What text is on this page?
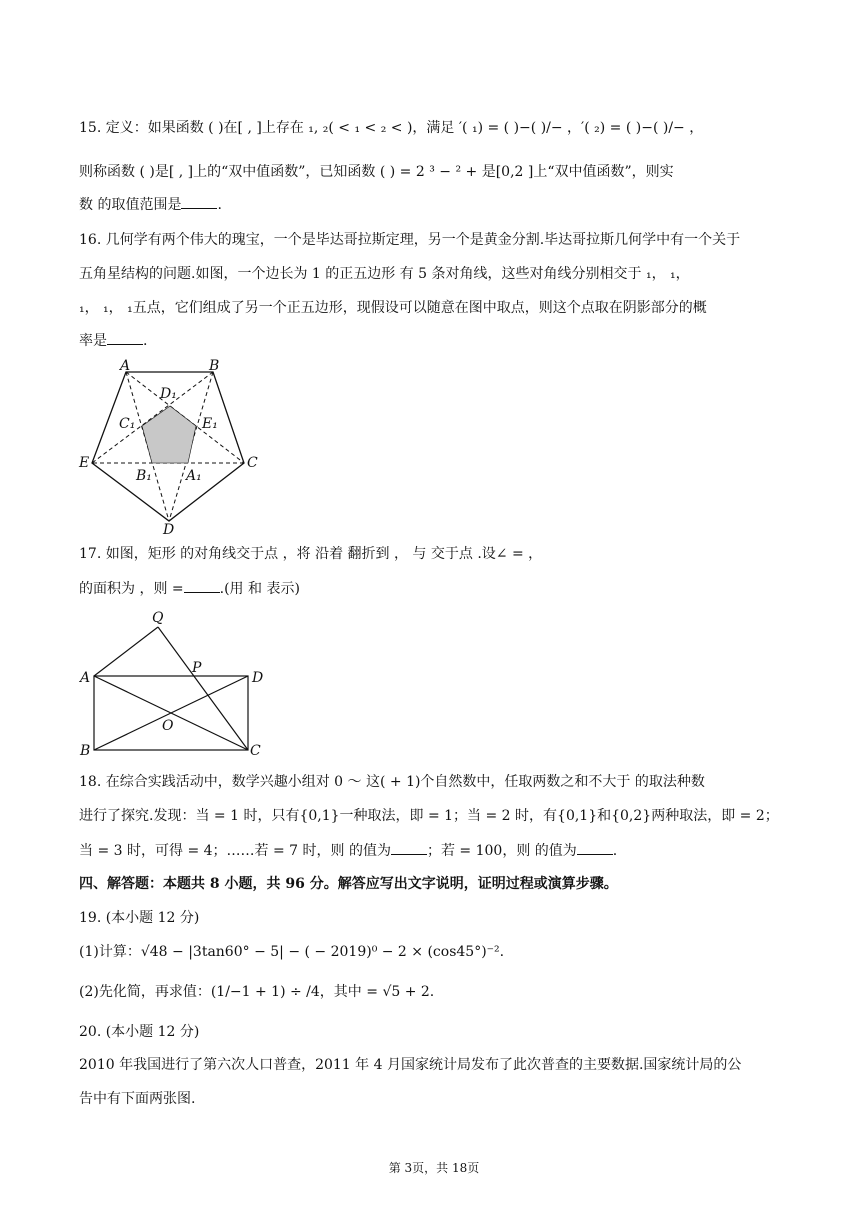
15. 定义：如果函数 ( )在[ , ]上存在 ₁, ₂( < ₁ < ₂ < )，满足 ′( ₁) = ( )−( )/− ，′( ₂) = ( )−( )/− ，
则称函数 ( )是[ , ]上的“双中值函数”，已知函数 ( ) = 2 ³ − ² + 是[0,2 ]上“双中值函数”，则实
数 的取值范围是	.
16. 几何学有两个伟大的瑰宝，一个是毕达哥拉斯定理，另一个是黄金分割.毕达哥拉斯几何学中有一个关于
五角星结构的问题.如图，一个边长为 1 的正五边形 有 5 条对角线，这些对角线分别相交于 ₁， ₁，
₁， ₁， ₁五点，它们组成了另一个正五边形，现假设可以随意在图中取点，则这个点取在阴影部分的概
率是	.
A	B
C
D
E
D₁
C₁	E₁
B₁ A₁
17. 如图，矩形 的对角线交于点 ，将 沿着 翻折到 ， 与 交于点 .设∠ = ，
的面积为 ，则 =	.(用 和 表示)
Q
P
A	D
O
B	C
18. 在综合实践活动中，数学兴趣小组对 0 ～ 这( + 1)个自然数中，任取两数之和不大于 的取法种数
进行了探究.发现：当 = 1 时，只有{0,1}一种取法，即 = 1；当 = 2 时，有{0,1}和{0,2}两种取法，即 = 2；
当 = 3 时，可得 = 4；……若 = 7 时，则 的值为	；若 = 100，则 的值为	.
四、解答题：本题共 8 小题，共 96 分。解答应写出文字说明，证明过程或演算步骤。
19. (本小题 12 分)
(1)计算：√48 − |3tan60° − 5| − ( − 2019)⁰ − 2 × (cos45°)⁻².
(2)先化简，再求值：(1/−1 + 1) ÷ /4，其中 = √5 + 2.
20. (本小题 12 分)
2010 年我国进行了第六次人口普查，2011 年 4 月国家统计局发布了此次普查的主要数据.国家统计局的公
告中有下面两张图.
第 3页，共 18页
